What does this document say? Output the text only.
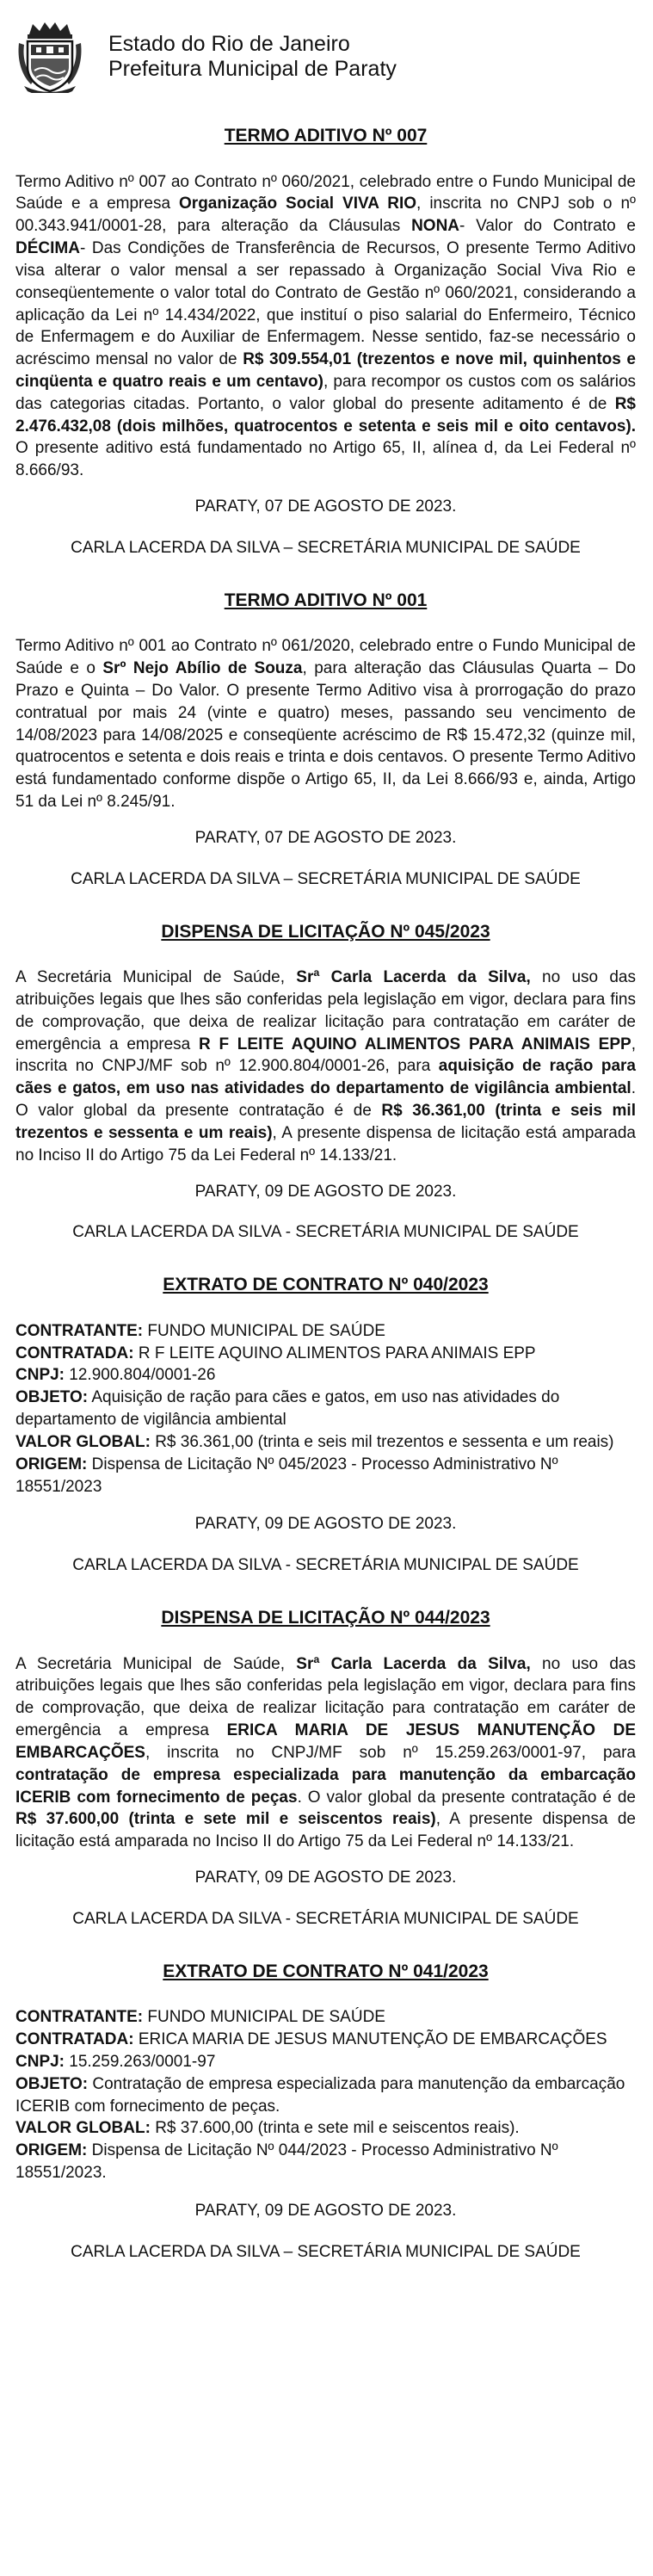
Estado do Rio de Janeiro
Prefeitura Municipal de Paraty
TERMO ADITIVO Nº 007
Termo Aditivo nº 007 ao Contrato nº 060/2021, celebrado entre o Fundo Municipal de Saúde e a empresa Organização Social VIVA RIO, inscrita no CNPJ sob o nº 00.343.941/0001-28, para alteração da Cláusulas NONA- Valor do Contrato e DÉCIMA- Das Condições de Transferência de Recursos, O presente Termo Aditivo visa alterar o valor mensal a ser repassado à Organização Social Viva Rio e conseqüentemente o valor total do Contrato de Gestão nº 060/2021, considerando a aplicação da Lei nº 14.434/2022, que instituí o piso salarial do Enfermeiro, Técnico de Enfermagem e do Auxiliar de Enfermagem. Nesse sentido, faz-se necessário o acréscimo mensal no valor de R$ 309.554,01 (trezentos e nove mil, quinhentos e cinqüenta e quatro reais e um centavo), para recompor os custos com os salários das categorias citadas. Portanto, o valor global do presente aditamento é de R$ 2.476.432,08 (dois milhões, quatrocentos e setenta e seis mil e oito centavos). O presente aditivo está fundamentado no Artigo 65, II, alínea d, da Lei Federal nº 8.666/93.
PARATY, 07 DE AGOSTO DE 2023.
CARLA LACERDA DA SILVA – SECRETÁRIA MUNICIPAL DE SAÚDE
TERMO ADITIVO Nº 001
Termo Aditivo nº 001 ao Contrato nº 061/2020, celebrado entre o Fundo Municipal de Saúde e o Srº Nejo Abílio de Souza, para alteração das Cláusulas Quarta – Do Prazo e Quinta – Do Valor. O presente Termo Aditivo visa à prorrogação do prazo contratual por mais 24 (vinte e quatro) meses, passando seu vencimento de 14/08/2023 para 14/08/2025 e conseqüente acréscimo de R$ 15.472,32 (quinze mil, quatrocentos e setenta e dois reais e trinta e dois centavos. O presente Termo Aditivo está fundamentado conforme dispõe o Artigo 65, II, da Lei 8.666/93 e, ainda, Artigo 51 da Lei nº 8.245/91.
PARATY, 07 DE AGOSTO DE 2023.
CARLA LACERDA DA SILVA – SECRETÁRIA MUNICIPAL DE SAÚDE
DISPENSA DE LICITAÇÃO Nº 045/2023
A Secretária Municipal de Saúde, Srª Carla Lacerda da Silva, no uso das atribuições legais que lhes são conferidas pela legislação em vigor, declara para fins de comprovação, que deixa de realizar licitação para contratação em caráter de emergência a empresa R F LEITE AQUINO ALIMENTOS PARA ANIMAIS EPP, inscrita no CNPJ/MF sob nº 12.900.804/0001-26, para aquisição de ração para cães e gatos, em uso nas atividades do departamento de vigilância ambiental. O valor global da presente contratação é de R$ 36.361,00 (trinta e seis mil trezentos e sessenta e um reais), A presente dispensa de licitação está amparada no Inciso II do Artigo 75 da Lei Federal nº 14.133/21.
PARATY, 09 DE AGOSTO DE 2023.
CARLA LACERDA DA SILVA - SECRETÁRIA MUNICIPAL DE SAÚDE
EXTRATO DE CONTRATO Nº 040/2023
CONTRATANTE: FUNDO MUNICIPAL DE SAÚDE
CONTRATADA: R F LEITE AQUINO ALIMENTOS PARA ANIMAIS EPP
CNPJ: 12.900.804/0001-26
OBJETO: Aquisição de ração para cães e gatos, em uso nas atividades do departamento de vigilância ambiental
VALOR GLOBAL: R$ 36.361,00 (trinta e seis mil trezentos e sessenta e um reais)
ORIGEM: Dispensa de Licitação Nº 045/2023 - Processo Administrativo Nº 18551/2023
PARATY, 09 DE AGOSTO DE 2023.
CARLA LACERDA DA SILVA - SECRETÁRIA MUNICIPAL DE SAÚDE
DISPENSA DE LICITAÇÃO Nº 044/2023
A Secretária Municipal de Saúde, Srª Carla Lacerda da Silva, no uso das atribuições legais que lhes são conferidas pela legislação em vigor, declara para fins de comprovação, que deixa de realizar licitação para contratação em caráter de emergência a empresa ERICA MARIA DE JESUS MANUTENÇÃO DE EMBARCAÇÕES, inscrita no CNPJ/MF sob nº 15.259.263/0001-97, para contratação de empresa especializada para manutenção da embarcação ICERIB com fornecimento de peças. O valor global da presente contratação é de R$ 37.600,00 (trinta e sete mil e seiscentos reais), A presente dispensa de licitação está amparada no Inciso II do Artigo 75 da Lei Federal nº 14.133/21.
PARATY, 09 DE AGOSTO DE 2023.
CARLA LACERDA DA SILVA - SECRETÁRIA MUNICIPAL DE SAÚDE
EXTRATO DE CONTRATO Nº 041/2023
CONTRATANTE: FUNDO MUNICIPAL DE SAÚDE
CONTRATADA: ERICA MARIA DE JESUS MANUTENÇÃO DE EMBARCAÇÕES
CNPJ: 15.259.263/0001-97
OBJETO: Contratação de empresa especializada para manutenção da embarcação ICERIB com fornecimento de peças.
VALOR GLOBAL: R$ 37.600,00 (trinta e sete mil e seiscentos reais).
ORIGEM: Dispensa de Licitação Nº 044/2023 - Processo Administrativo Nº 18551/2023.
PARATY, 09 DE AGOSTO DE 2023.
CARLA LACERDA DA SILVA – SECRETÁRIA MUNICIPAL DE SAÚDE
